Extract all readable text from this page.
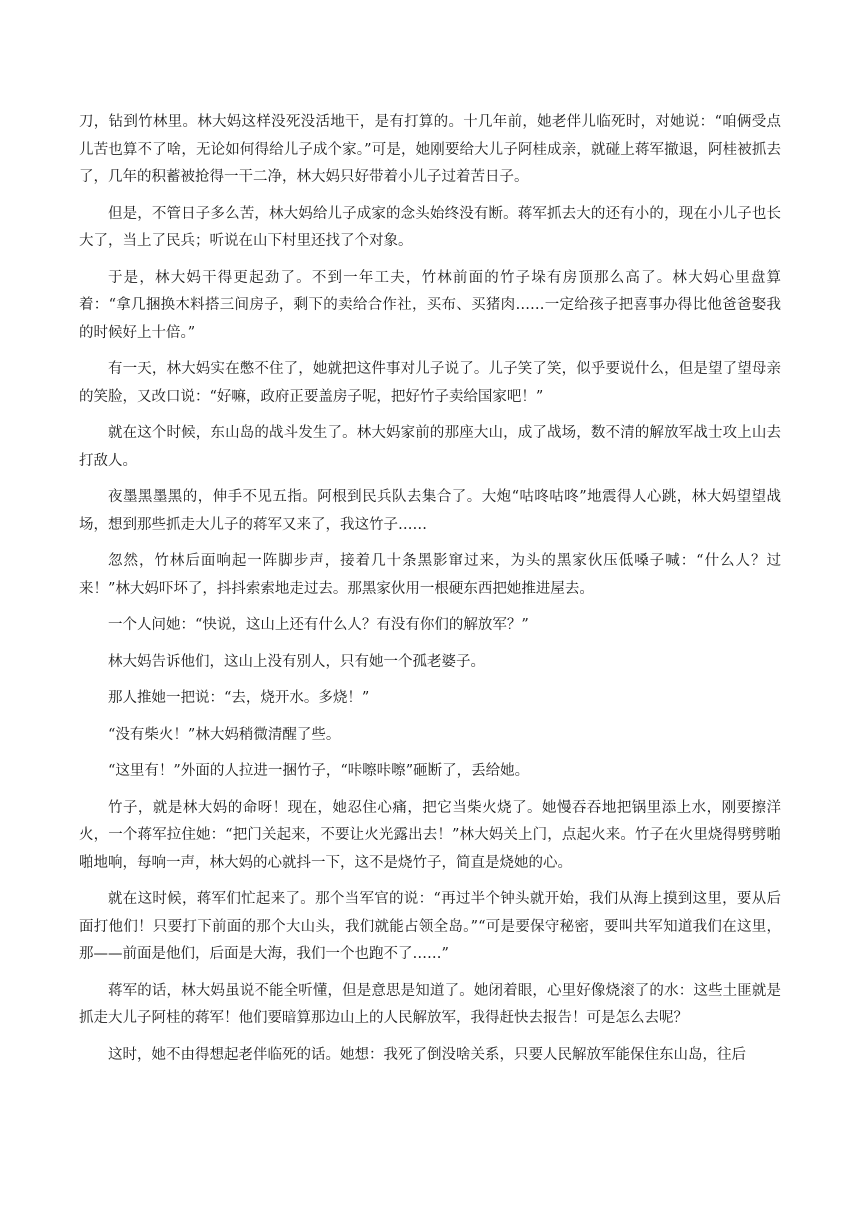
刀，钻到竹林里。林大妈这样没死没活地干，是有打算的。十几年前，她老伴儿临死时，对她说：“咱俩受点儿苦也算不了啥，无论如何得给儿子成个家。”可是，她刚要给大儿子阿桂成亲，就碰上蒋军撤退，阿桂被抓去了，几年的积蓄被抢得一干二净，林大妈只好带着小儿子过着苦日子。

但是，不管日子多么苦，林大妈给儿子成家的念头始终没有断。蒋军抓去大的还有小的，现在小儿子也长大了，当上了民兵；听说在山下村里还找了个对象。

于是，林大妈干得更起劲了。不到一年工夫，竹林前面的竹子垛有房顶那么高了。林大妈心里盘算着：“拿几捆换木料搭三间房子，剩下的卖给合作社，买布、买猪肉……一定给孩子把喜事办得比他爸爸娶我的时候好上十倍。”

有一天，林大妈实在憋不住了，她就把这件事对儿子说了。儿子笑了笑，似乎要说什么，但是望了望母亲的笑脸，又改口说：“好嘛，政府正要盖房子呢，把好竹子卖给国家吧！”

就在这个时候，东山岛的战斗发生了。林大妈家前的那座大山，成了战场，数不清的解放军战士攻上山去打敌人。

夜墨黑墨黑的，伸手不见五指。阿根到民兵队去集合了。大炮“咕咚咕咚”地震得人心跳，林大妈望望战场，想到那些抓走大儿子的蒋军又来了，我这竹子……

忽然，竹林后面响起一阵脚步声，接着几十条黑影窜过来，为头的黑家伙压低嗓子喊：“什么人？过来！”林大妈吓坏了，抖抖索索地走过去。那黑家伙用一根硬东西把她推进屋去。

一个人问她：“快说，这山上还有什么人？有没有你们的解放军？”

林大妈告诉他们，这山上没有别人，只有她一个孤老婆子。

那人推她一把说：“去，烧开水。多烧！”

“没有柴火！”林大妈稍微清醒了些。

“这里有！”外面的人拉进一捆竹子，“咔嚓咔嚓”砸断了，丢给她。

竹子，就是林大妈的命呀！现在，她忍住心痛，把它当柴火烧了。她慢吞吞地把锅里添上水，刚要擦洋火，一个蒋军拉住她：“把门关起来，不要让火光露出去！”林大妈关上门，点起火来。竹子在火里烧得劈劈啪啪地响，每响一声，林大妈的心就抖一下，这不是烧竹子，简直是烧她的心。

就在这时候，蒋军们忙起来了。那个当军官的说：“再过半个钟头就开始，我们从海上摸到这里，要从后面打他们！只要打下前面的那个大山头，我们就能占领全岛。”“可是要保守秘密，要叫共军知道我们在这里，那——前面是他们，后面是大海，我们一个也跑不了……”

蒋军的话，林大妈虽说不能全听懂，但是意思是知道了。她闭着眼，心里好像烧滚了的水：这些土匪就是抓走大儿子阿桂的蒋军！他们要暗算那边山上的人民解放军，我得赶快去报告！可是怎么去呢？

这时，她不由得想起老伴临死的话。她想：我死了倒没啥关系，只要人民解放军能保住东山岛，往后
